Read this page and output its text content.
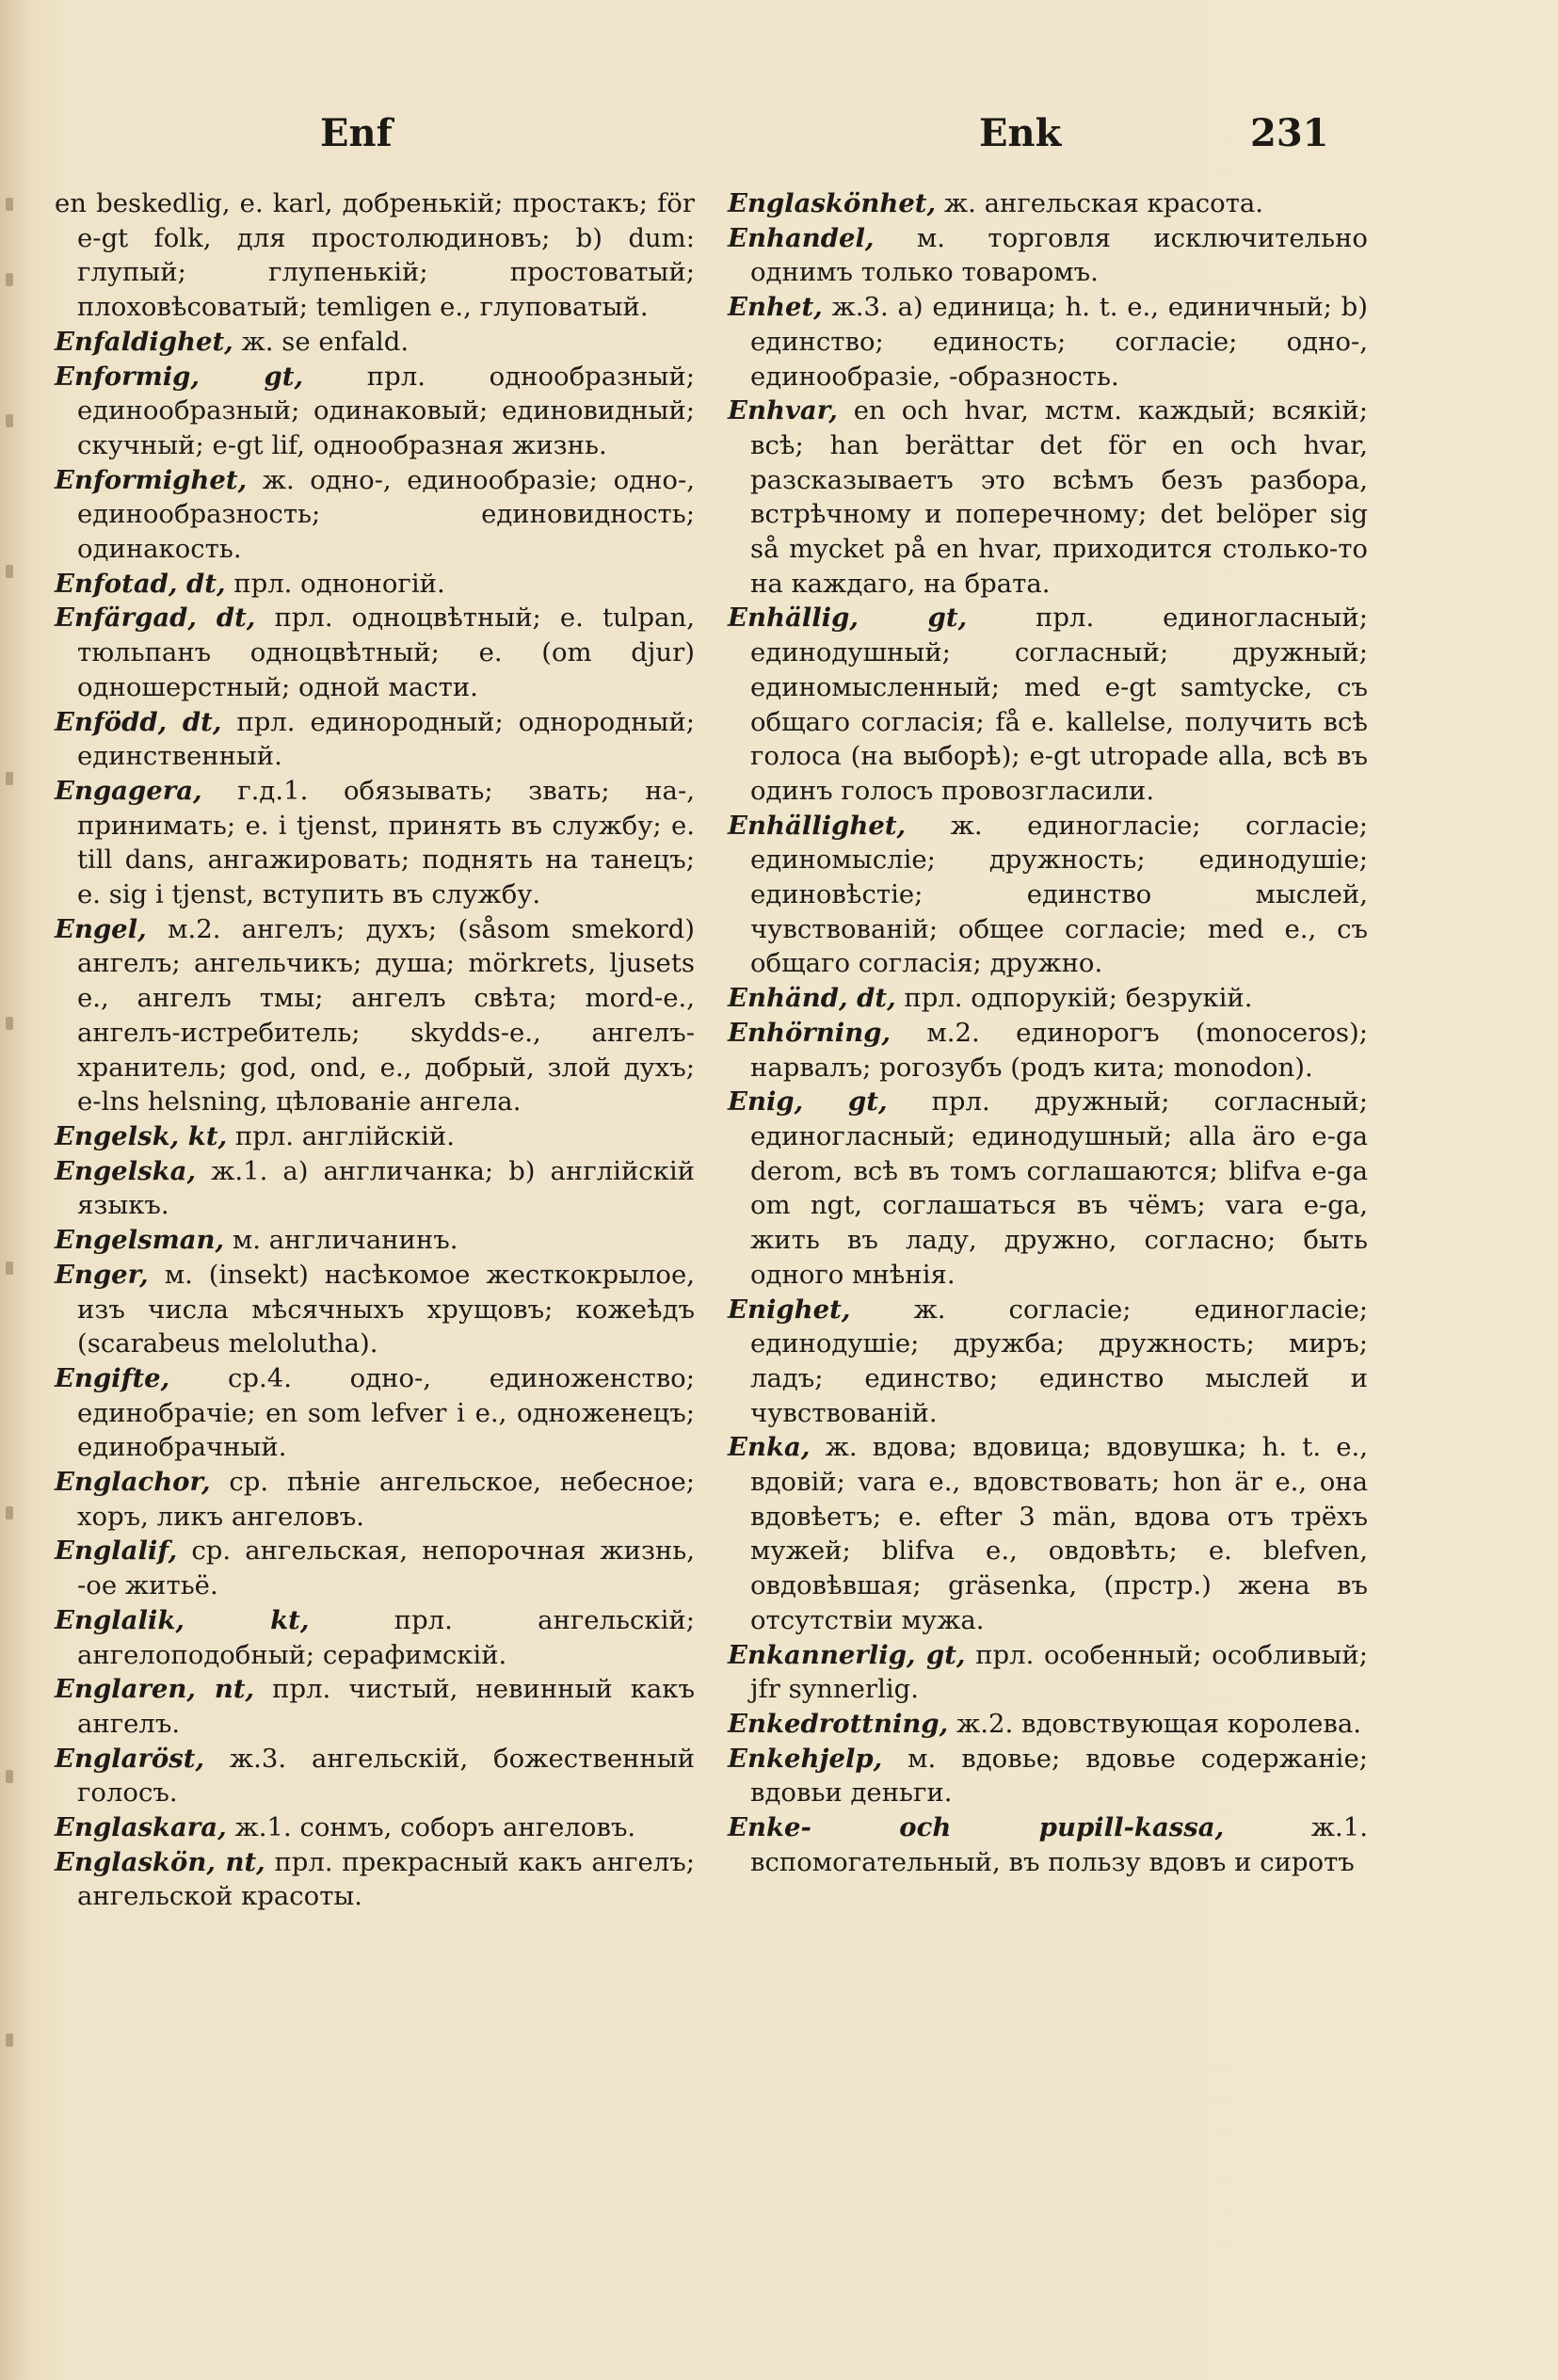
Enf	Enk	231
en beskedlig, e. karl, добренькій; простакъ; för e-gt folk, для простолюдиновъ; b) dum: глупый; глупенькій; простоватый; плоховѣсоватый; temligen e., глуповатый.
Enfaldighet, ж. se enfald.
Enformig, gt, прл. однообразный; единообразный; одинаковый; единовидный; скучный; e-gt lif, однообразная жизнь.
Enformighet, ж. одно-, единообразіе; одно-, единообразность; единовидность; одинакость.
Enfotad, dt, прл. одноногій.
Enfärgad, dt, прл. одноцвѣтный; e. tulpan, тюльпанъ одноцвѣтный; e. (om djur) одношерстный; одной масти.
Enfödd, dt, прл. единородный; однородный; единственный.
Engagera, г.д.1. обязывать; звать; на-, принимать; e. i tjenst, принять въ службу; e. till dans, ангажировать; поднять на танецъ; e. sig i tjenst, вступить въ службу.
Engel, м.2. ангелъ; духъ; (såsom smekord) ангелъ; ангельчикъ; душа; mörkrets, ljusets e., ангелъ тмы; ангелъ свѣта; mord-e., ангелъ-истребитель; skydds-e., ангелъ-хранитель; god, ond, e., добрый, злой духъ; e-lns helsning, цѣлованіе ангела.
Engelsk, kt, прл. англійскій.
Engelska, ж.1. a) англичанка; b) англійскій языкъ.
Engelsman, м. англичанинъ.
Enger, м. (insekt) насѣкомое жесткокрылое, изъ числа мѣсячныхъ хрущовъ; кожеѣдъ (scarabeus melolutha).
Engifte, ср.4. одно-, единоженство; единобрачіе; en som lefver i e., одноженецъ; единобрачный.
Englachor, ср. пѣніе ангельское, небесное; хоръ, ликъ ангеловъ.
Englalif, ср. ангельская, непорочная жизнь, -ое житьё.
Englalik, kt,	прл. ангельскій; ангелоподобный; серафимскій.
Englaren, nt, прл. чистый, невинный какъ ангелъ.
Englaröst, ж.3. ангельскій, божественный голосъ.
Englaskara, ж.1. сонмъ, соборъ ангеловъ.
Englaskön, nt, прл. прекрасный какъ ангелъ; ангельской красоты.
Englaskönhet, ж. ангельская красота.
Enhandel, м. торговля исключительно однимъ только товаромъ.
Enhet, ж.3. a) единица; h. t. e., единичный; b) единство; единость; согласіе; одно-, единообразіе, -образность.
Enhvar, en och hvar, мстм. каждый; всякій; всѣ; han berättar det för en och hvar, разсказываетъ это всѣмъ безъ разбора, встрѣчному и поперечному; det belöper sig så mycket på en hvar, приходится столько-то на каждаго, на брата.
Enhällig, gt,	прл. единогласный; единодушный; согласный; дружный; единомысленный; med e-gt samtycke, съ общаго согласія; få e. kallelse, получить всѣ голоса (на выборѣ); e-gt utropade alla, всѣ въ одинъ голосъ провозгласили.
Enhällighet, ж. единогласіе; согласіе; единомысліе; дружность; единодушіе; единовѣстіе; единство мыслей, чувствованій; общее согласіе; med e., съ общаго согласія; дружно.
Enhänd, dt, прл. одпорукій; безрукій.
Enhörning, м.2. единорогъ (monoceros); нарвалъ; рогозубъ (родъ кита; monodon).
Enig, gt, прл. дружный; согласный; единогласный; единодушный; alla äro e-ga derom, всѣ въ томъ соглашаются; blifva e-ga om ngt, соглашаться въ чёмъ; vara e-ga, жить въ ладу, дружно, согласно; быть одного мнѣнія.
Enighet, ж. согласіе; единогласіе; единодушіе; дружба; дружность; миръ; ладъ; единство; единство мыслей и чувствованій.
Enka, ж. вдова; вдовица; вдовушка; h. t. e., вдовій; vara e., вдовствовать; hon är e., она вдовѣетъ; e. efter 3 män, вдова отъ трёхъ мужей; blifva e., овдовѣть; e. blefven, овдовѣвшая; gräsenka, (прстр.) жена въ отсутствіи мужа.
Enkannerlig, gt, прл. особенный; особливый; jfr synnerlig.
Enkedrottning, ж.2. вдовствующая королева.
Enkehjelp, м. вдовье; вдовье содержаніе; вдовьи деньги.
Enke- och pupill-kassa,	ж.1. вспомогательный, въ пользу вдовъ и сиротъ
